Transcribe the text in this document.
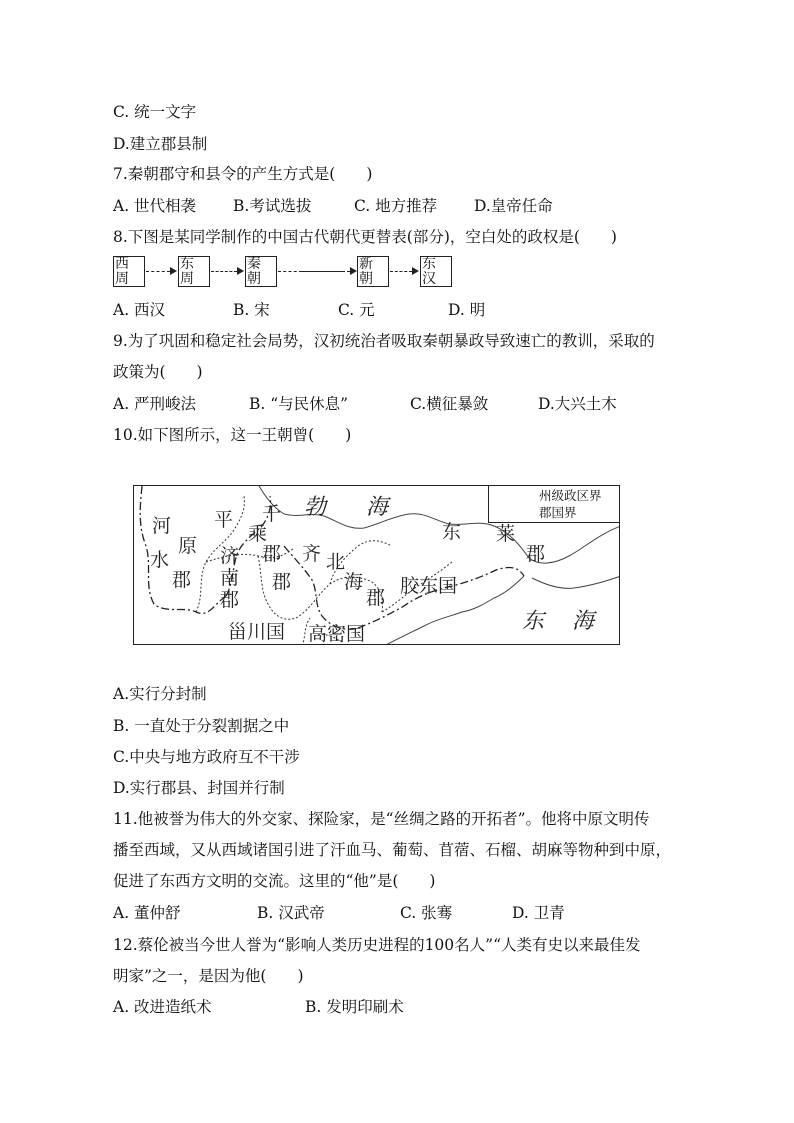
C. 统一文字
D.建立郡县制
7.秦朝郡守和县令的产生方式是(　　)
A. 世代相袭 B.考试选拔	C. 地方推荐 D.皇帝任命
8.下图是某同学制作的中国古代朝代更替表(部分)，空白处的政权是(　　)
西
周
东
周
秦
朝
新
朝
东
汉
A. 西汉	B. 宋	C. 元	D. 明
9.为了巩固和稳定社会局势，汉初统治者吸取秦朝暴政导致速亡的教训，采取的
政策为(　　)
A. 严刑峻法	B. “与民休息”	C.横征暴敛	D.大兴土木
10.如下图所示，这一王朝曾(　　)
州级政区界
郡国界
勃 海
东 海
河
水
郡
平
原
千
乘
郡
济
南
郡
齐
郡
北
海
郡
胶东国
东 莱
郡
甾川国 高密国
A.实行分封制
B. 一直处于分裂割据之中
C.中央与地方政府互不干涉
D.实行郡县、封国并行制
11.他被誉为伟大的外交家、探险家，是“丝绸之路的开拓者”。他将中原文明传
播至西域，又从西域诸国引进了汗血马、葡萄、苜蓿、石榴、胡麻等物种到中原，
促进了东西方文明的交流。这里的“他”是(　　)
A. 董仲舒	B. 汉武帝	C. 张骞	D. 卫青
12.蔡伦被当今世人誉为“影响人类历史进程的100名人”“人类有史以来最佳发
明家”之一，是因为他(　　)
A. 改进造纸术	B. 发明印刷术
